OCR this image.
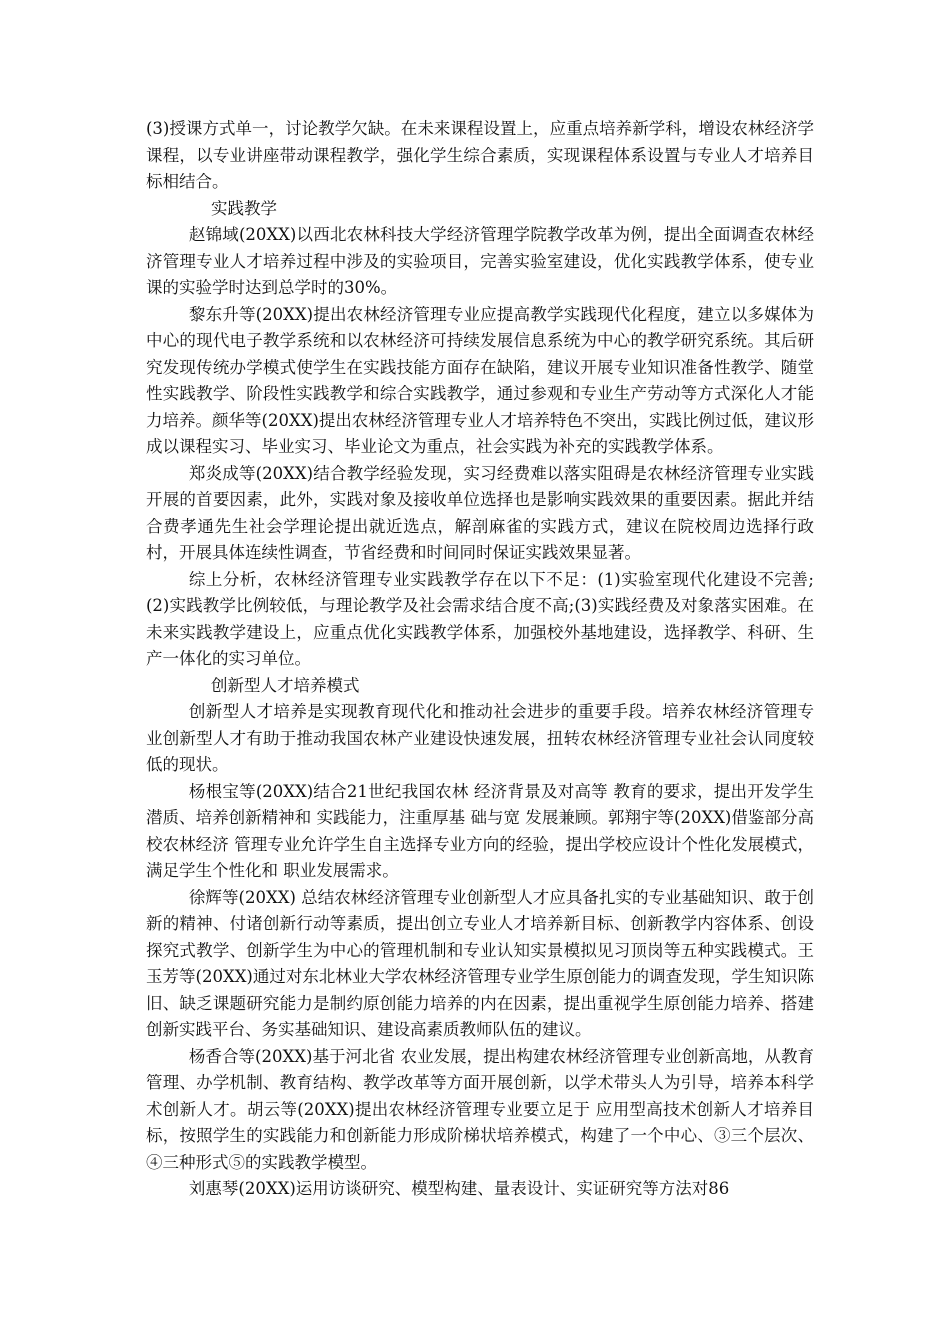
(3)授课方式单一，讨论教学欠缺。在未来课程设置上，应重点培养新学科，增设农林经济学课程，以专业讲座带动课程教学，强化学生综合素质，实现课程体系设置与专业人才培养目标相结合。

实践教学

赵锦域(20XX)以西北农林科技大学经济管理学院教学改革为例，提出全面调查农林经济管理专业人才培养过程中涉及的实验项目，完善实验室建设，优化实践教学体系，使专业课的实验学时达到总学时的30%。

黎东升等(20XX)提出农林经济管理专业应提高教学实践现代化程度，建立以多媒体为中心的现代电子教学系统和以农林经济可持续发展信息系统为中心的教学研究系统。其后研究发现传统办学模式使学生在实践技能方面存在缺陷，建议开展专业知识准备性教学、随堂性实践教学、阶段性实践教学和综合实践教学，通过参观和专业生产劳动等方式深化人才能力培养。颜华等(20XX)提出农林经济管理专业人才培养特色不突出，实践比例过低，建议形成以课程实习、毕业实习、毕业论文为重点，社会实践为补充的实践教学体系。

郑炎成等(20XX)结合教学经验发现，实习经费难以落实阻碍是农林经济管理专业实践开展的首要因素，此外，实践对象及接收单位选择也是影响实践效果的重要因素。据此并结合费孝通先生社会学理论提出就近选点，解剖麻雀的实践方式，建议在院校周边选择行政村，开展具体连续性调查，节省经费和时间同时保证实践效果显著。

综上分析，农林经济管理专业实践教学存在以下不足：(1)实验室现代化建设不完善;(2)实践教学比例较低，与理论教学及社会需求结合度不高;(3)实践经费及对象落实困难。在未来实践教学建设上，应重点优化实践教学体系，加强校外基地建设，选择教学、科研、生产一体化的实习单位。

创新型人才培养模式

创新型人才培养是实现教育现代化和推动社会进步的重要手段。培养农林经济管理专业创新型人才有助于推动我国农林产业建设快速发展，扭转农林经济管理专业社会认同度较低的现状。

杨根宝等(20XX)结合21世纪我国农林 经济背景及对高等 教育的要求，提出开发学生潜质、培养创新精神和 实践能力，注重厚基 础与宽 发展兼顾。郭翔宇等(20XX)借鉴部分高校农林经济 管理专业允许学生自主选择专业方向的经验，提出学校应设计个性化发展模式，满足学生个性化和 职业发展需求。

徐辉等(20XX) 总结农林经济管理专业创新型人才应具备扎实的专业基础知识、敢于创新的精神、付诸创新行动等素质，提出创立专业人才培养新目标、创新教学内容体系、创设探究式教学、创新学生为中心的管理机制和专业认知实景模拟见习顶岗等五种实践模式。王玉芳等(20XX)通过对东北林业大学农林经济管理专业学生原创能力的调查发现，学生知识陈旧、缺乏课题研究能力是制约原创能力培养的内在因素，提出重视学生原创能力培养、搭建创新实践平台、务实基础知识、建设高素质教师队伍的建议。

杨香合等(20XX)基于河北省 农业发展，提出构建农林经济管理专业创新高地，从教育管理、办学机制、教育结构、教学改革等方面开展创新，以学术带头人为引导，培养本科学术创新人才。胡云等(20XX)提出农林经济管理专业要立足于 应用型高技术创新人才培养目标，按照学生的实践能力和创新能力形成阶梯状培养模式，构建了一个中心、③三个层次、④三种形式⑤的实践教学模型。

刘惠琴(20XX)运用访谈研究、模型构建、量表设计、实证研究等方法对86
